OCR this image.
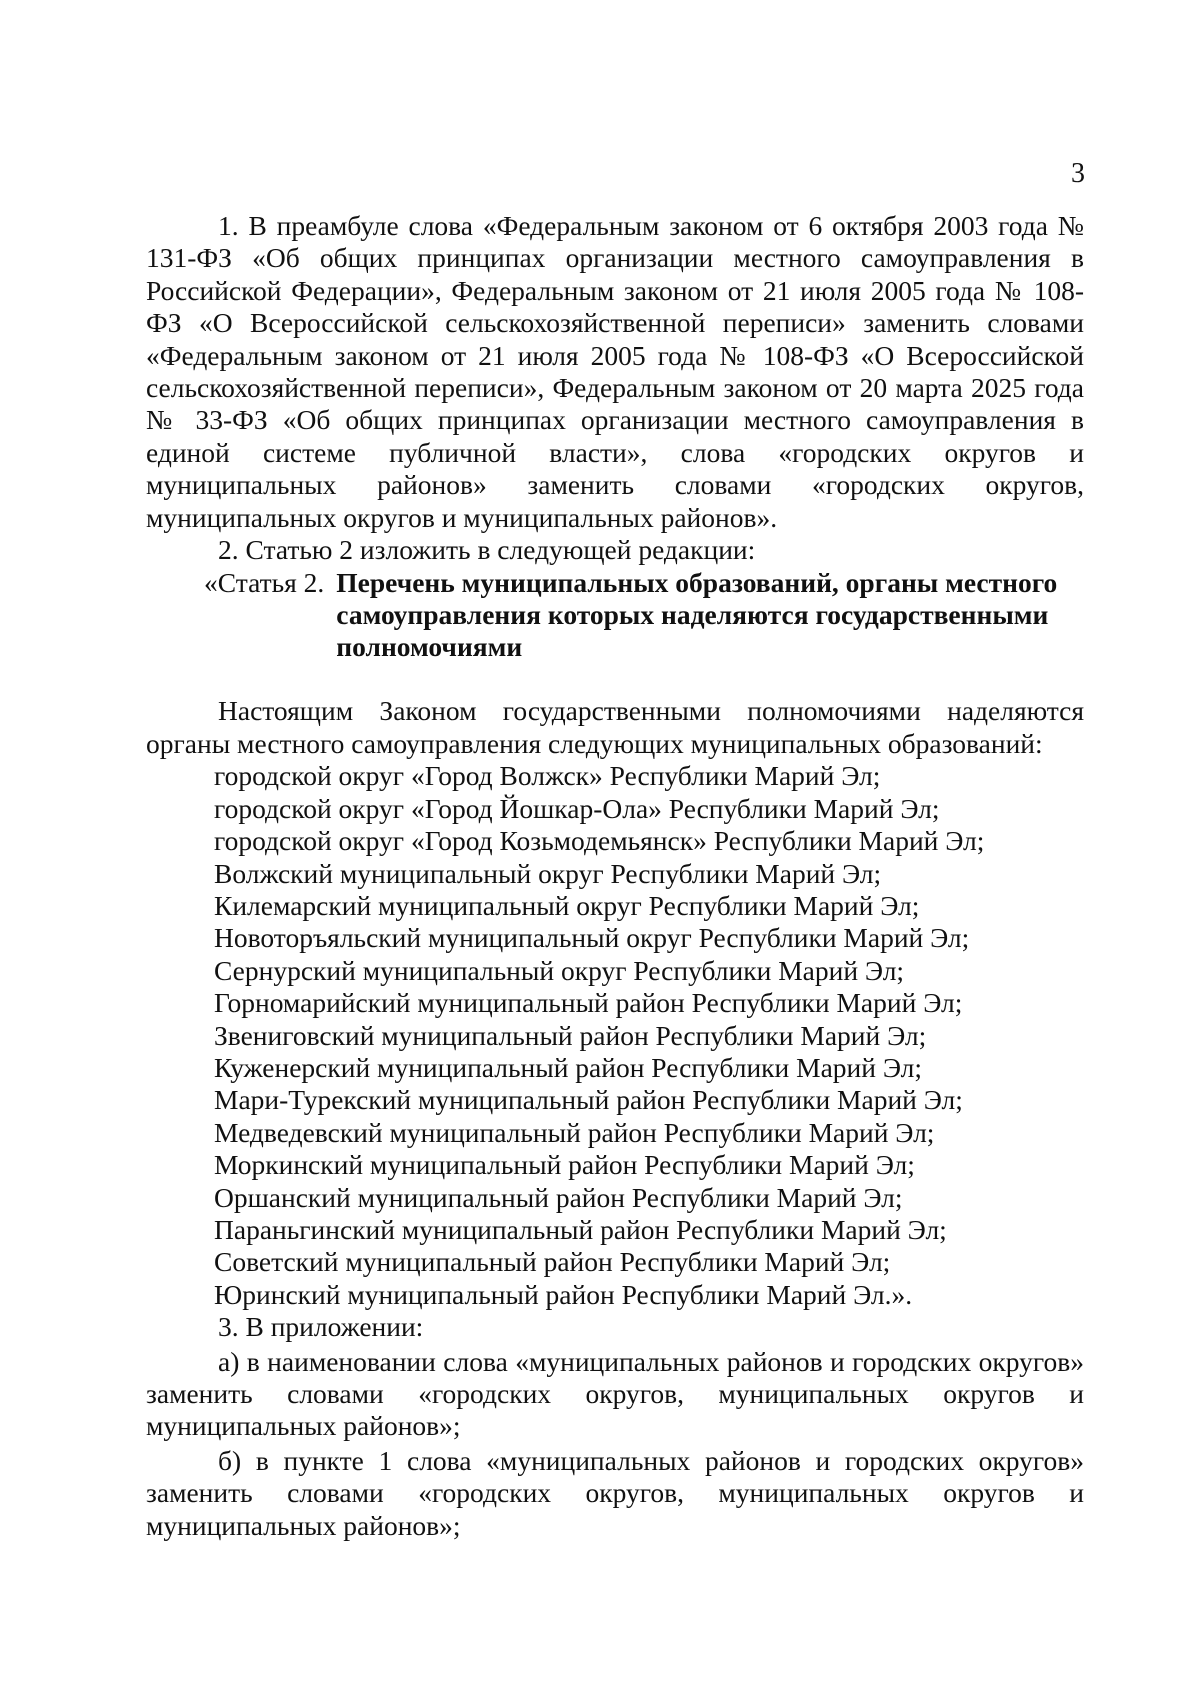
3

1. В преамбуле слова «Федеральным законом от 6 октября 2003 года № 131-ФЗ «Об общих принципах организации местного самоуправления в Российской Федерации», Федеральным законом от 21 июля 2005 года № 108-ФЗ «О Всероссийской сельскохозяйственной переписи» заменить словами «Федеральным законом от 21 июля 2005 года № 108-ФЗ «О Всероссийской сельскохозяйственной переписи», Федеральным законом от 20 марта 2025 года № 33-ФЗ «Об общих принципах организации местного самоуправления в единой системе публичной власти», слова «городских округов и муниципальных районов» заменить словами «городских округов, муниципальных округов и муниципальных районов».

2. Статью 2 изложить в следующей редакции:

«Статья 2. Перечень муниципальных образований, органы местного самоуправления которых наделяются государственными полномочиями

Настоящим Законом государственными полномочиями наделяются органы местного самоуправления следующих муниципальных образований:

городской округ «Город Волжск» Республики Марий Эл;

городской округ «Город Йошкар-Ола» Республики Марий Эл;

городской округ «Город Козьмодемьянск» Республики Марий Эл;

Волжский муниципальный округ Республики Марий Эл;

Килемарский муниципальный округ Республики Марий Эл;

Новоторъяльский муниципальный округ Республики Марий Эл;

Сернурский муниципальный округ Республики Марий Эл;

Горномарийский муниципальный район Республики Марий Эл;

Звениговский муниципальный район Республики Марий Эл;

Куженерский муниципальный район Республики Марий Эл;

Мари-Турекский муниципальный район Республики Марий Эл;

Медведевский муниципальный район Республики Марий Эл;

Моркинский муниципальный район Республики Марий Эл;

Оршанский муниципальный район Республики Марий Эл;

Параньгинский муниципальный район Республики Марий Эл;

Советский муниципальный район Республики Марий Эл;

Юринский муниципальный район Республики Марий Эл.».

3. В приложении:

а) в наименовании слова «муниципальных районов и городских округов» заменить словами «городских округов, муниципальных округов и муниципальных районов»;

б) в пункте 1 слова «муниципальных районов и городских округов» заменить словами «городских округов, муниципальных округов и муниципальных районов»;
